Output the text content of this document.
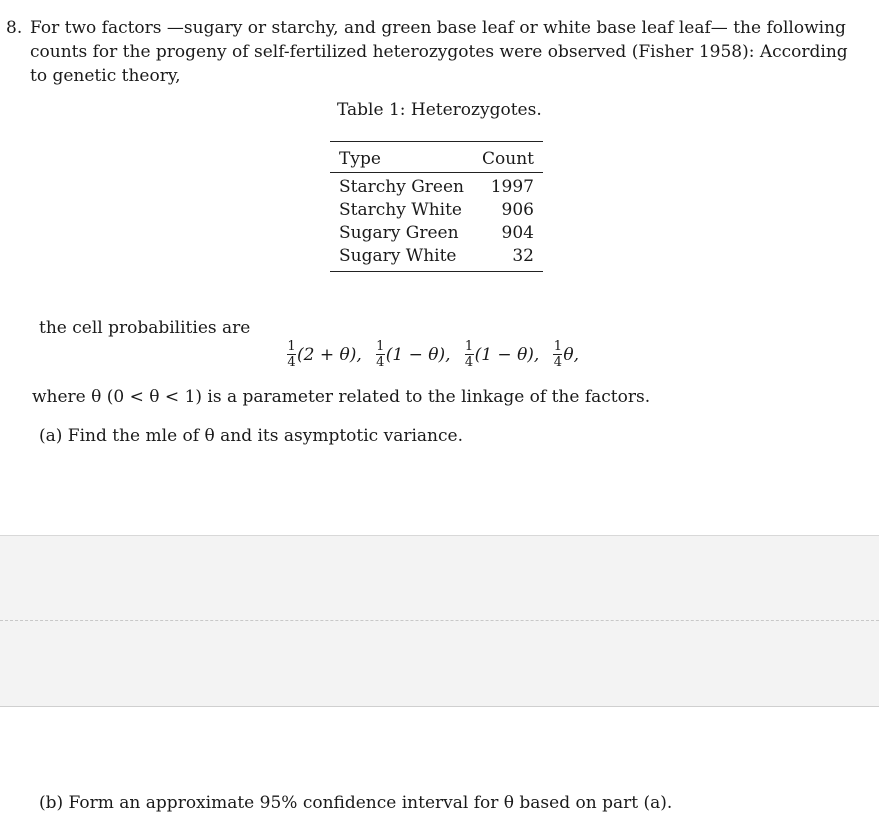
8. For two factors —sugary or starchy, and green base leaf or white base leaf leaf— the following counts for the progeny of self-fertilized heterozygotes were observed (Fisher 1958): According to genetic theory,
Table 1: Heterozygotes.
Type	Count
Starchy Green	1997
Starchy White	906
Sugary Green	904
Sugary White	32
the cell probabilities are
$\frac{1}{4} (2 + \theta)$, $\frac{1}{4} (1 - \theta)$, $\frac{1}{4} (1 - \theta)$, $\frac{1}{4} \theta$,
where θ (0 < θ < 1) is a parameter related to the linkage of the factors.
(a) Find the mle of θ and its asymptotic variance.
(b) Form an approximate 95% confidence interval for θ based on part (a).
